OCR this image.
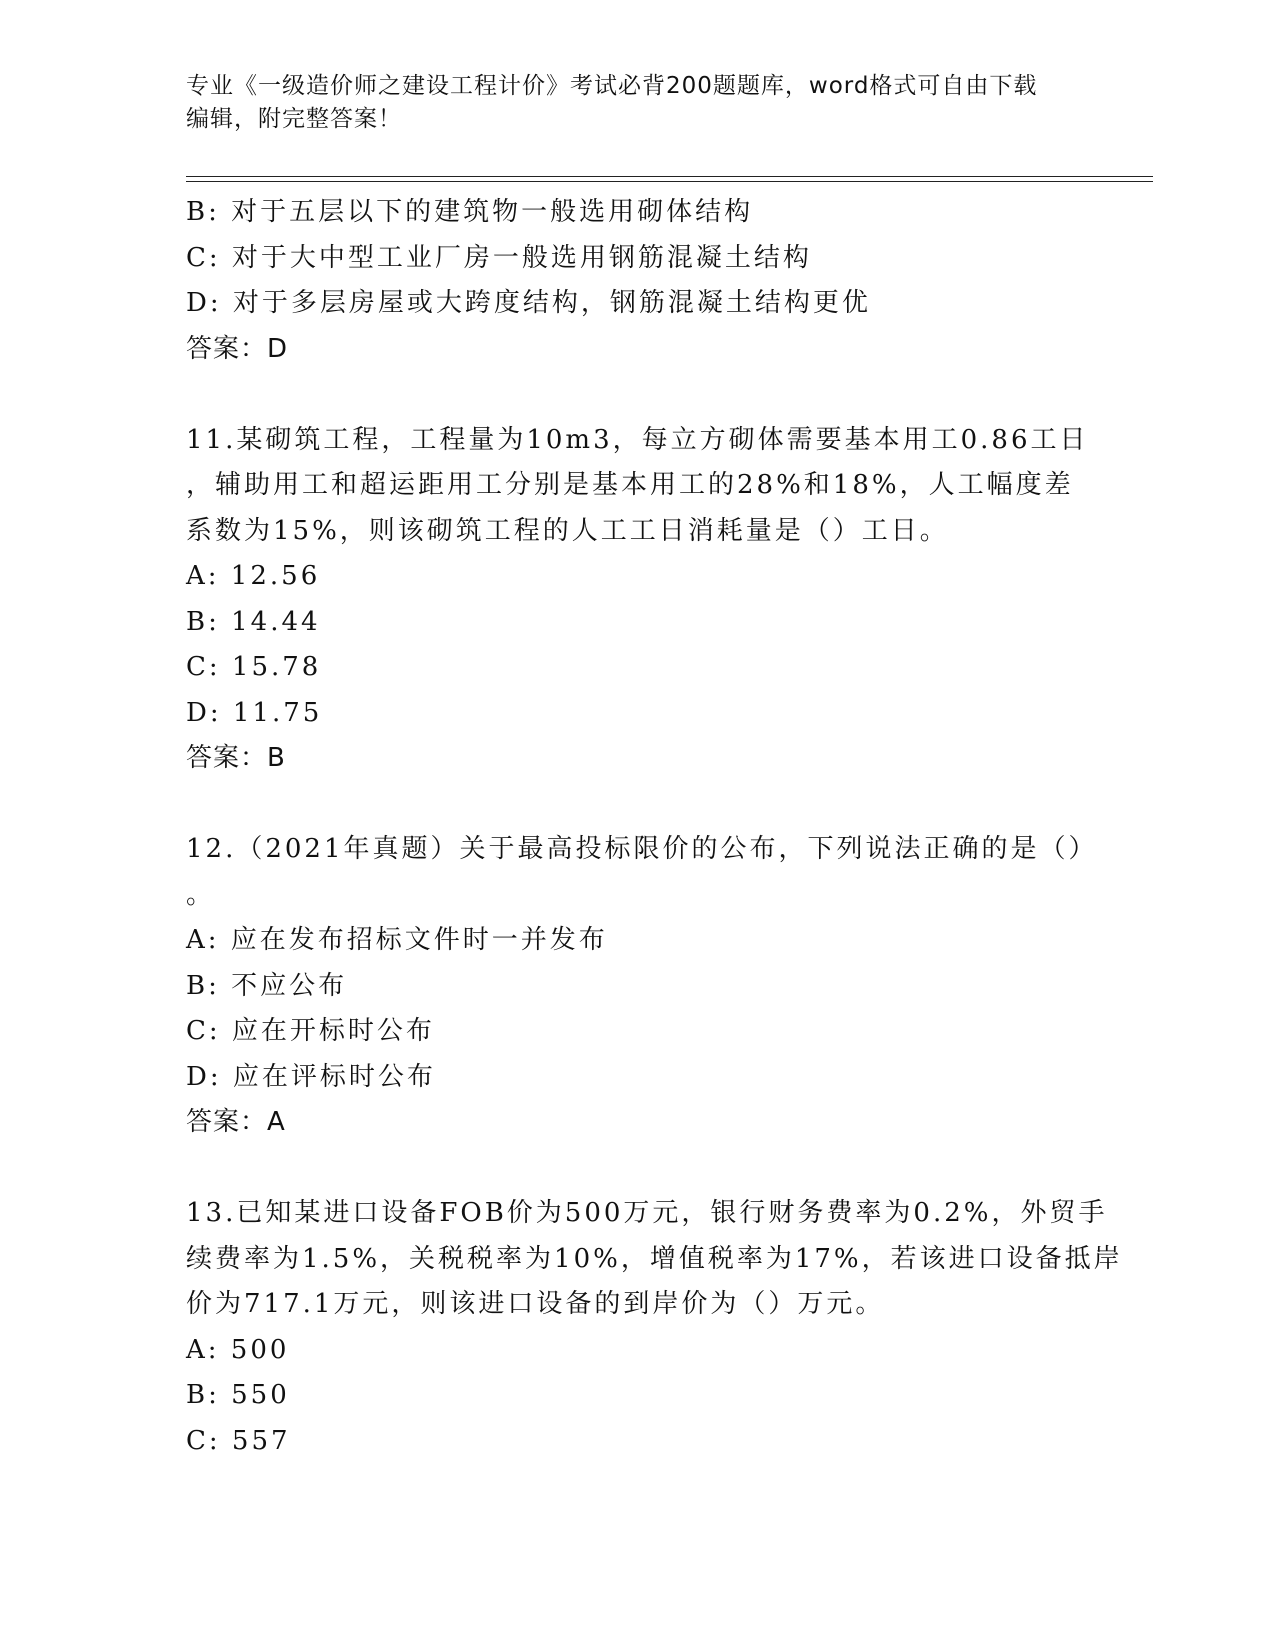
专业《一级造价师之建设工程计价》考试必背200题题库，word格式可自由下载
编辑，附完整答案！
B: 对于五层以下的建筑物一般选用砌体结构
C: 对于大中型工业厂房一般选用钢筋混凝土结构
D: 对于多层房屋或大跨度结构，钢筋混凝土结构更优
答案：D
11.某砌筑工程，工程量为10m3，每立方砌体需要基本用工0.86工日
，辅助用工和超运距用工分别是基本用工的28%和18%，人工幅度差
系数为15%，则该砌筑工程的人工工日消耗量是（）工日。
A: 12.56
B: 14.44
C: 15.78
D: 11.75
答案：B
12.（2021年真题）关于最高投标限价的公布，下列说法正确的是（）
。
A: 应在发布招标文件时一并发布
B: 不应公布
C: 应在开标时公布
D: 应在评标时公布
答案：A
13.已知某进口设备FOB价为500万元，银行财务费率为0.2%，外贸手
续费率为1.5%，关税税率为10%，增值税率为17%，若该进口设备抵岸
价为717.1万元，则该进口设备的到岸价为（）万元。
A: 500
B: 550
C: 557
